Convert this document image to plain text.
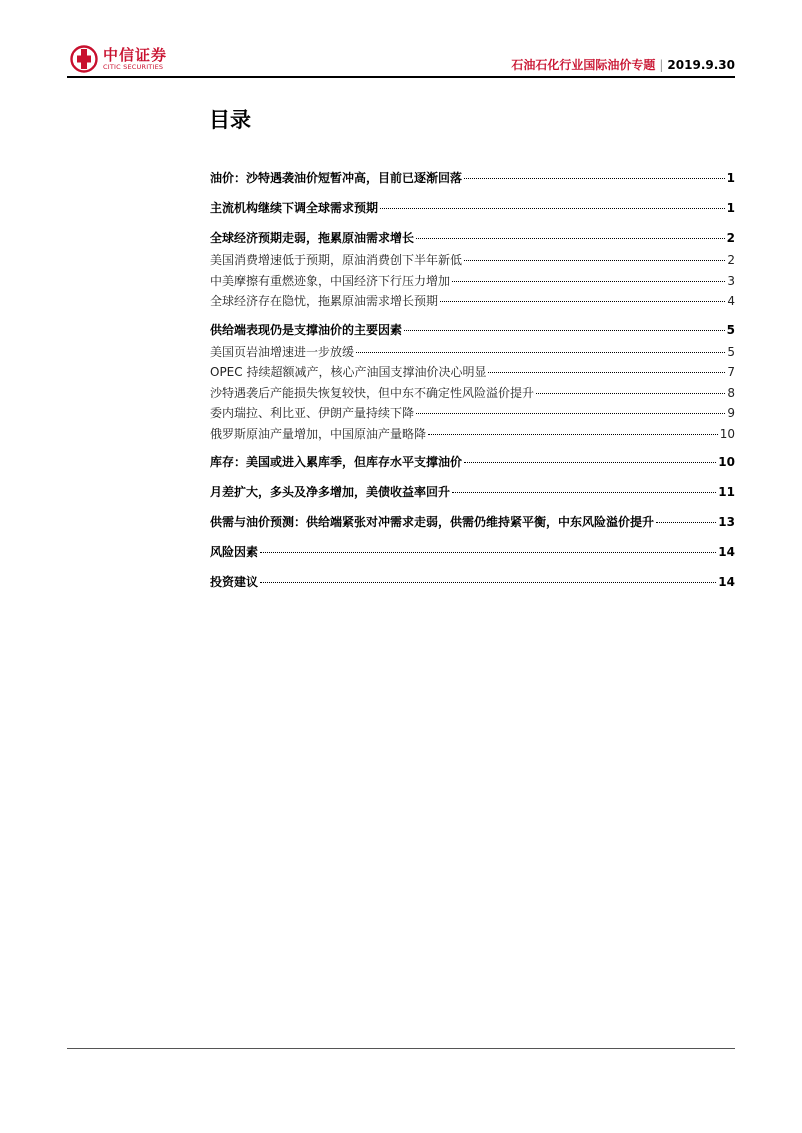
中信证券
CITIC SECURITIES	石油石化行业国际油价专题 | 2019.9.30
目录
油价：沙特遇袭油价短暂冲高，目前已逐渐回落	1
主流机构继续下调全球需求预期	1
全球经济预期走弱，拖累原油需求增长	2
美国消费增速低于预期，原油消费创下半年新低	2
中美摩擦有重燃迹象，中国经济下行压力增加	3
全球经济存在隐忧，拖累原油需求增长预期	4
供给端表现仍是支撑油价的主要因素	5
美国页岩油增速进一步放缓	5
OPEC 持续超额减产，核心产油国支撑油价决心明显	7
沙特遇袭后产能损失恢复较快，但中东不确定性风险溢价提升	8
委内瑞拉、利比亚、伊朗产量持续下降	9
俄罗斯原油产量增加，中国原油产量略降	10
库存：美国或进入累库季，但库存水平支撑油价	10
月差扩大，多头及净多增加，美债收益率回升	11
供需与油价预测：供给端紧张对冲需求走弱，供需仍维持紧平衡，中东风险溢价提升	13
风险因素	14
投资建议	14
